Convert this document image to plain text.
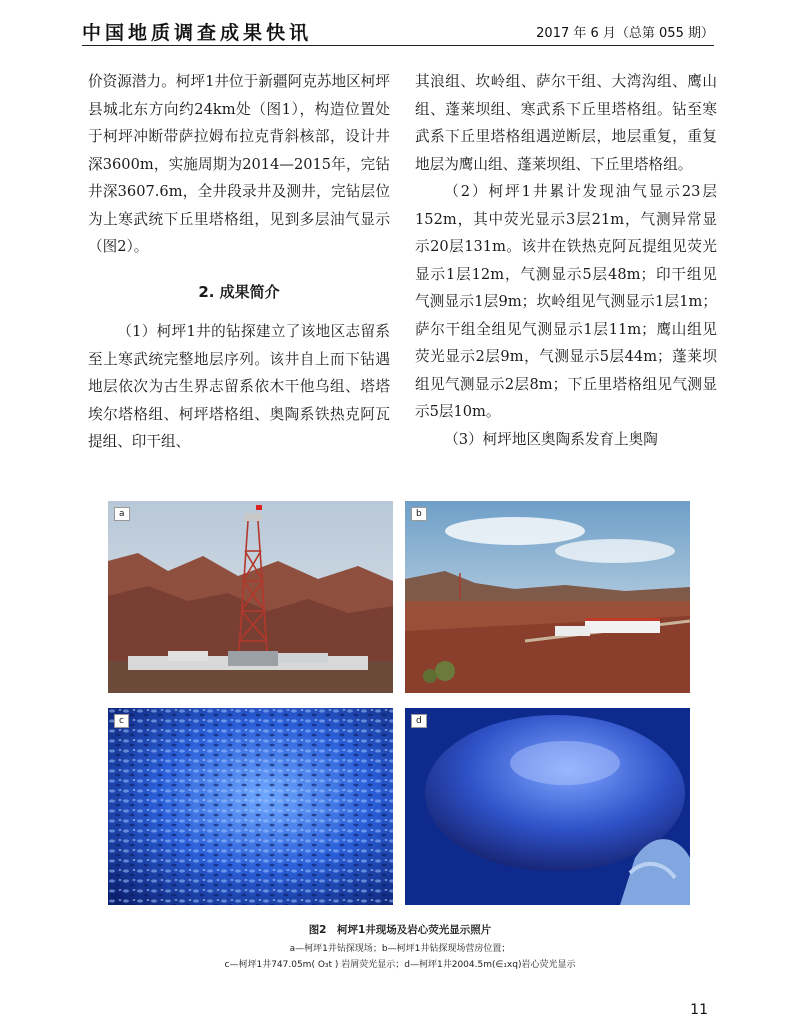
中国地质调查成果快讯	2017 年 6 月（总第 055 期）

价资源潜力。柯坪1井位于新疆阿克苏地区柯坪县城北东方向约24km处（图1），构造位置处于柯坪冲断带萨拉姆布拉克背斜核部，设计井深3600m，实施周期为2014—2015年，完钻井深3607.6m，全井段录井及测井，完钻层位为上寒武统下丘里塔格组，见到多层油气显示（图2）。

2. 成果简介

（1）柯坪1井的钻探建立了该地区志留系至上寒武统完整地层序列。该井自上而下钻遇地层依次为古生界志留系依木干他乌组、塔塔埃尔塔格组、柯坪塔格组、奥陶系铁热克阿瓦提组、印干组、

其浪组、坎岭组、萨尔干组、大湾沟组、鹰山组、蓬莱坝组、寒武系下丘里塔格组。钻至寒武系下丘里塔格组遇逆断层，地层重复，重复地层为鹰山组、蓬莱坝组、下丘里塔格组。

（2）柯坪1井累计发现油气显示23层152m，其中荧光显示3层21m，气测异常显示20层131m。该井在铁热克阿瓦提组见荧光显示1层12m，气测显示5层48m；印干组见气测显示1层9m；坎岭组见气测显示1层1m；萨尔干组全组见气测显示1层11m；鹰山组见荧光显示2层9m，气测显示5层44m；蓬莱坝组见气测显示2层8m；下丘里塔格组见气测显示5层10m。

（3）柯坪地区奥陶系发育上奥陶

a	b
c	d
图2　柯坪1井现场及岩心荧光显示照片
a—柯坪1井钻探现场；b—柯坪1井钻探现场营房位置；
c—柯坪1井747.05m( O₃t ) 岩屑荧光显示；d—柯坪1井2004.5m(∈₁xq)岩心荧光显示
11
